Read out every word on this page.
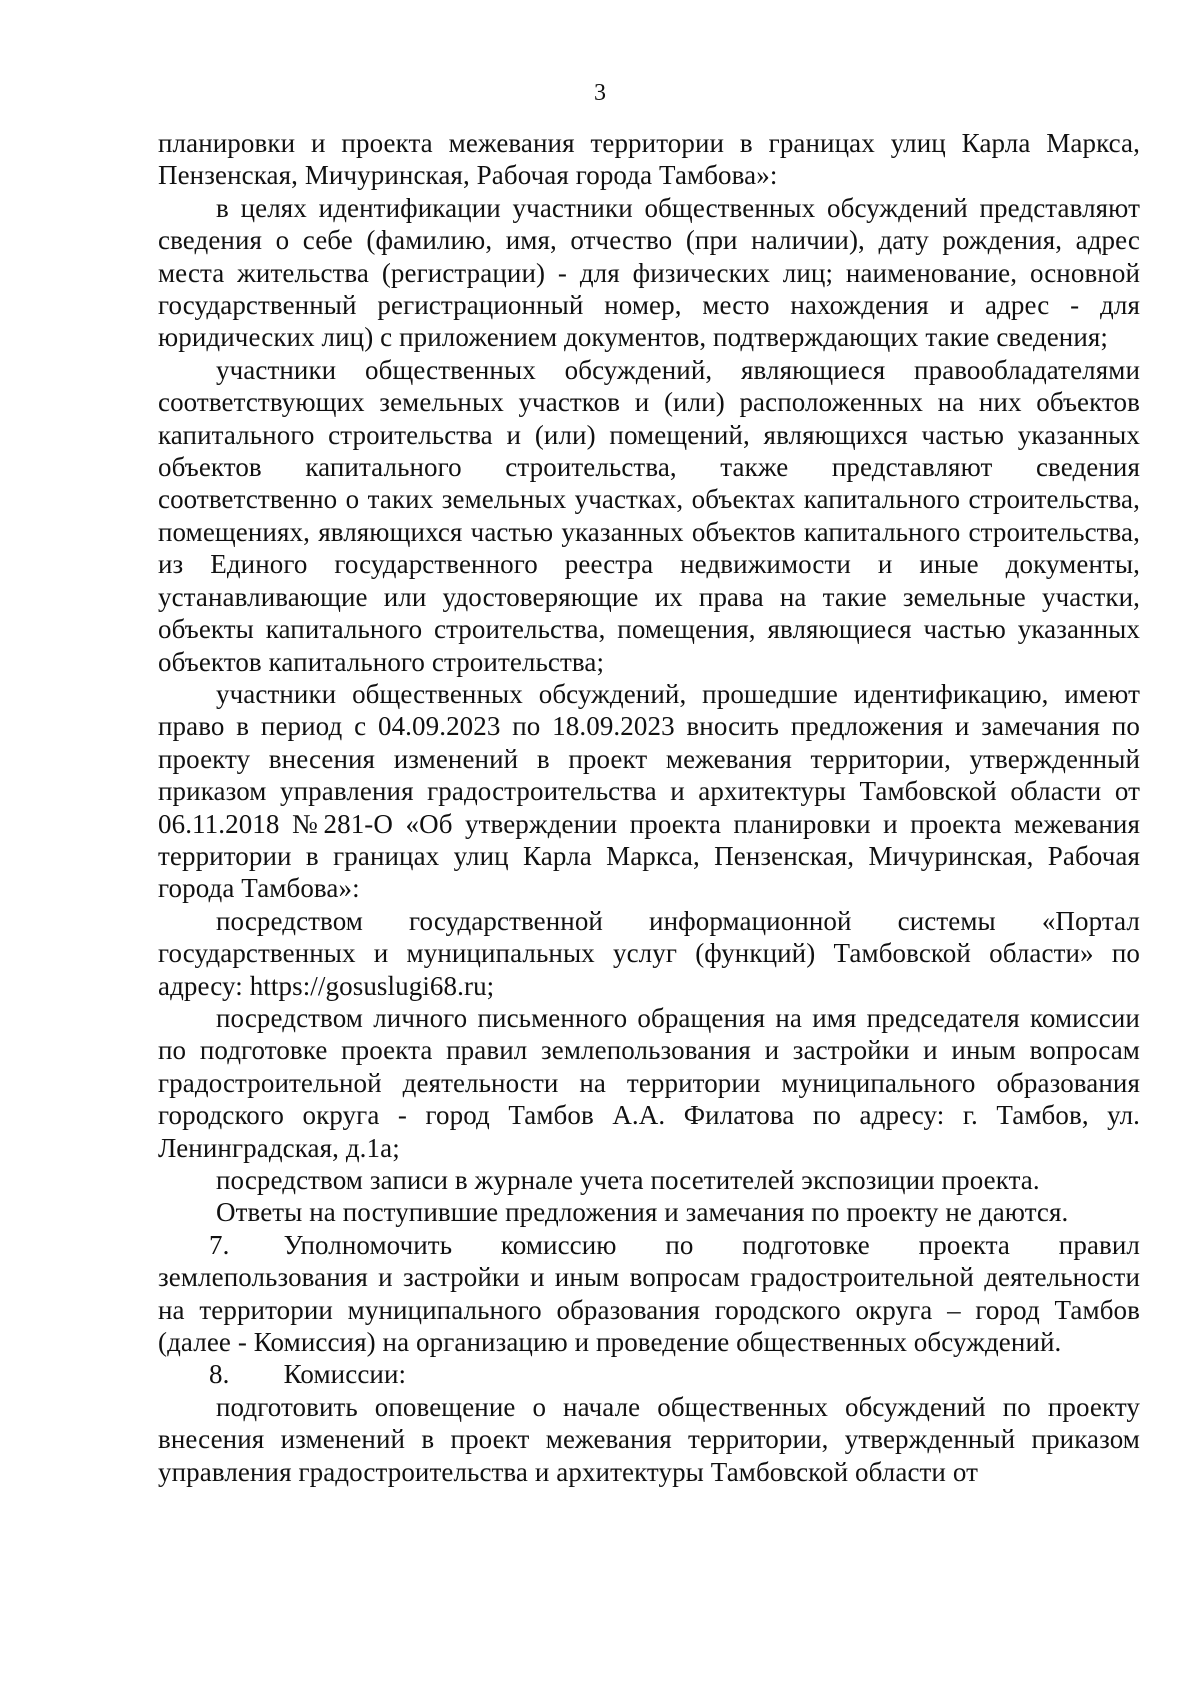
3

планировки и проекта межевания территории в границах улиц Карла Маркса, Пензенская, Мичуринская, Рабочая города Тамбова»:

в целях идентификации участники общественных обсуждений представляют сведения о себе (фамилию, имя, отчество (при наличии), дату рождения, адрес места жительства (регистрации) - для физических лиц; наименование, основной государственный регистрационный номер, место нахождения и адрес - для юридических лиц) с приложением документов, подтверждающих такие сведения;

участники общественных обсуждений, являющиеся правообладателями соответствующих земельных участков и (или) расположенных на них объектов капитального строительства и (или) помещений, являющихся частью указанных объектов капитального строительства, также представляют сведения соответственно о таких земельных участках, объектах капитального строительства, помещениях, являющихся частью указанных объектов капитального строительства, из Единого государственного реестра недвижимости и иные документы, устанавливающие или удостоверяющие их права на такие земельные участки, объекты капитального строительства, помещения, являющиеся частью указанных объектов капитального строительства;

участники общественных обсуждений, прошедшие идентификацию, имеют право в период с 04.09.2023 по 18.09.2023 вносить предложения и замечания по проекту внесения изменений в проект межевания территории, утвержденный приказом управления градостроительства и архитектуры Тамбовской области от 06.11.2018 №281-О «Об утверждении проекта планировки и проекта межевания территории в границах улиц Карла Маркса, Пензенская, Мичуринская, Рабочая города Тамбова»:

посредством государственной информационной системы «Портал государственных и муниципальных услуг (функций) Тамбовской области» по адресу: https://gosuslugi68.ru;

посредством личного письменного обращения на имя председателя комиссии по подготовке проекта правил землепользования и застройки и иным вопросам градостроительной деятельности на территории муниципального образования городского округа - город Тамбов А.А. Филатова по адресу: г. Тамбов, ул. Ленинградская, д.1а;

посредством записи в журнале учета посетителей экспозиции проекта.

Ответы на поступившие предложения и замечания по проекту не даются.

7.  Уполномочить комиссию по подготовке проекта правил землепользования и застройки и иным вопросам градостроительной деятельности на территории муниципального образования городского округа – город Тамбов (далее - Комиссия) на организацию и проведение общественных обсуждений.

8.  Комиссии:

подготовить оповещение о начале общественных обсуждений по проекту внесения изменений в проект межевания территории, утвержденный приказом управления градостроительства и архитектуры Тамбовской области от
